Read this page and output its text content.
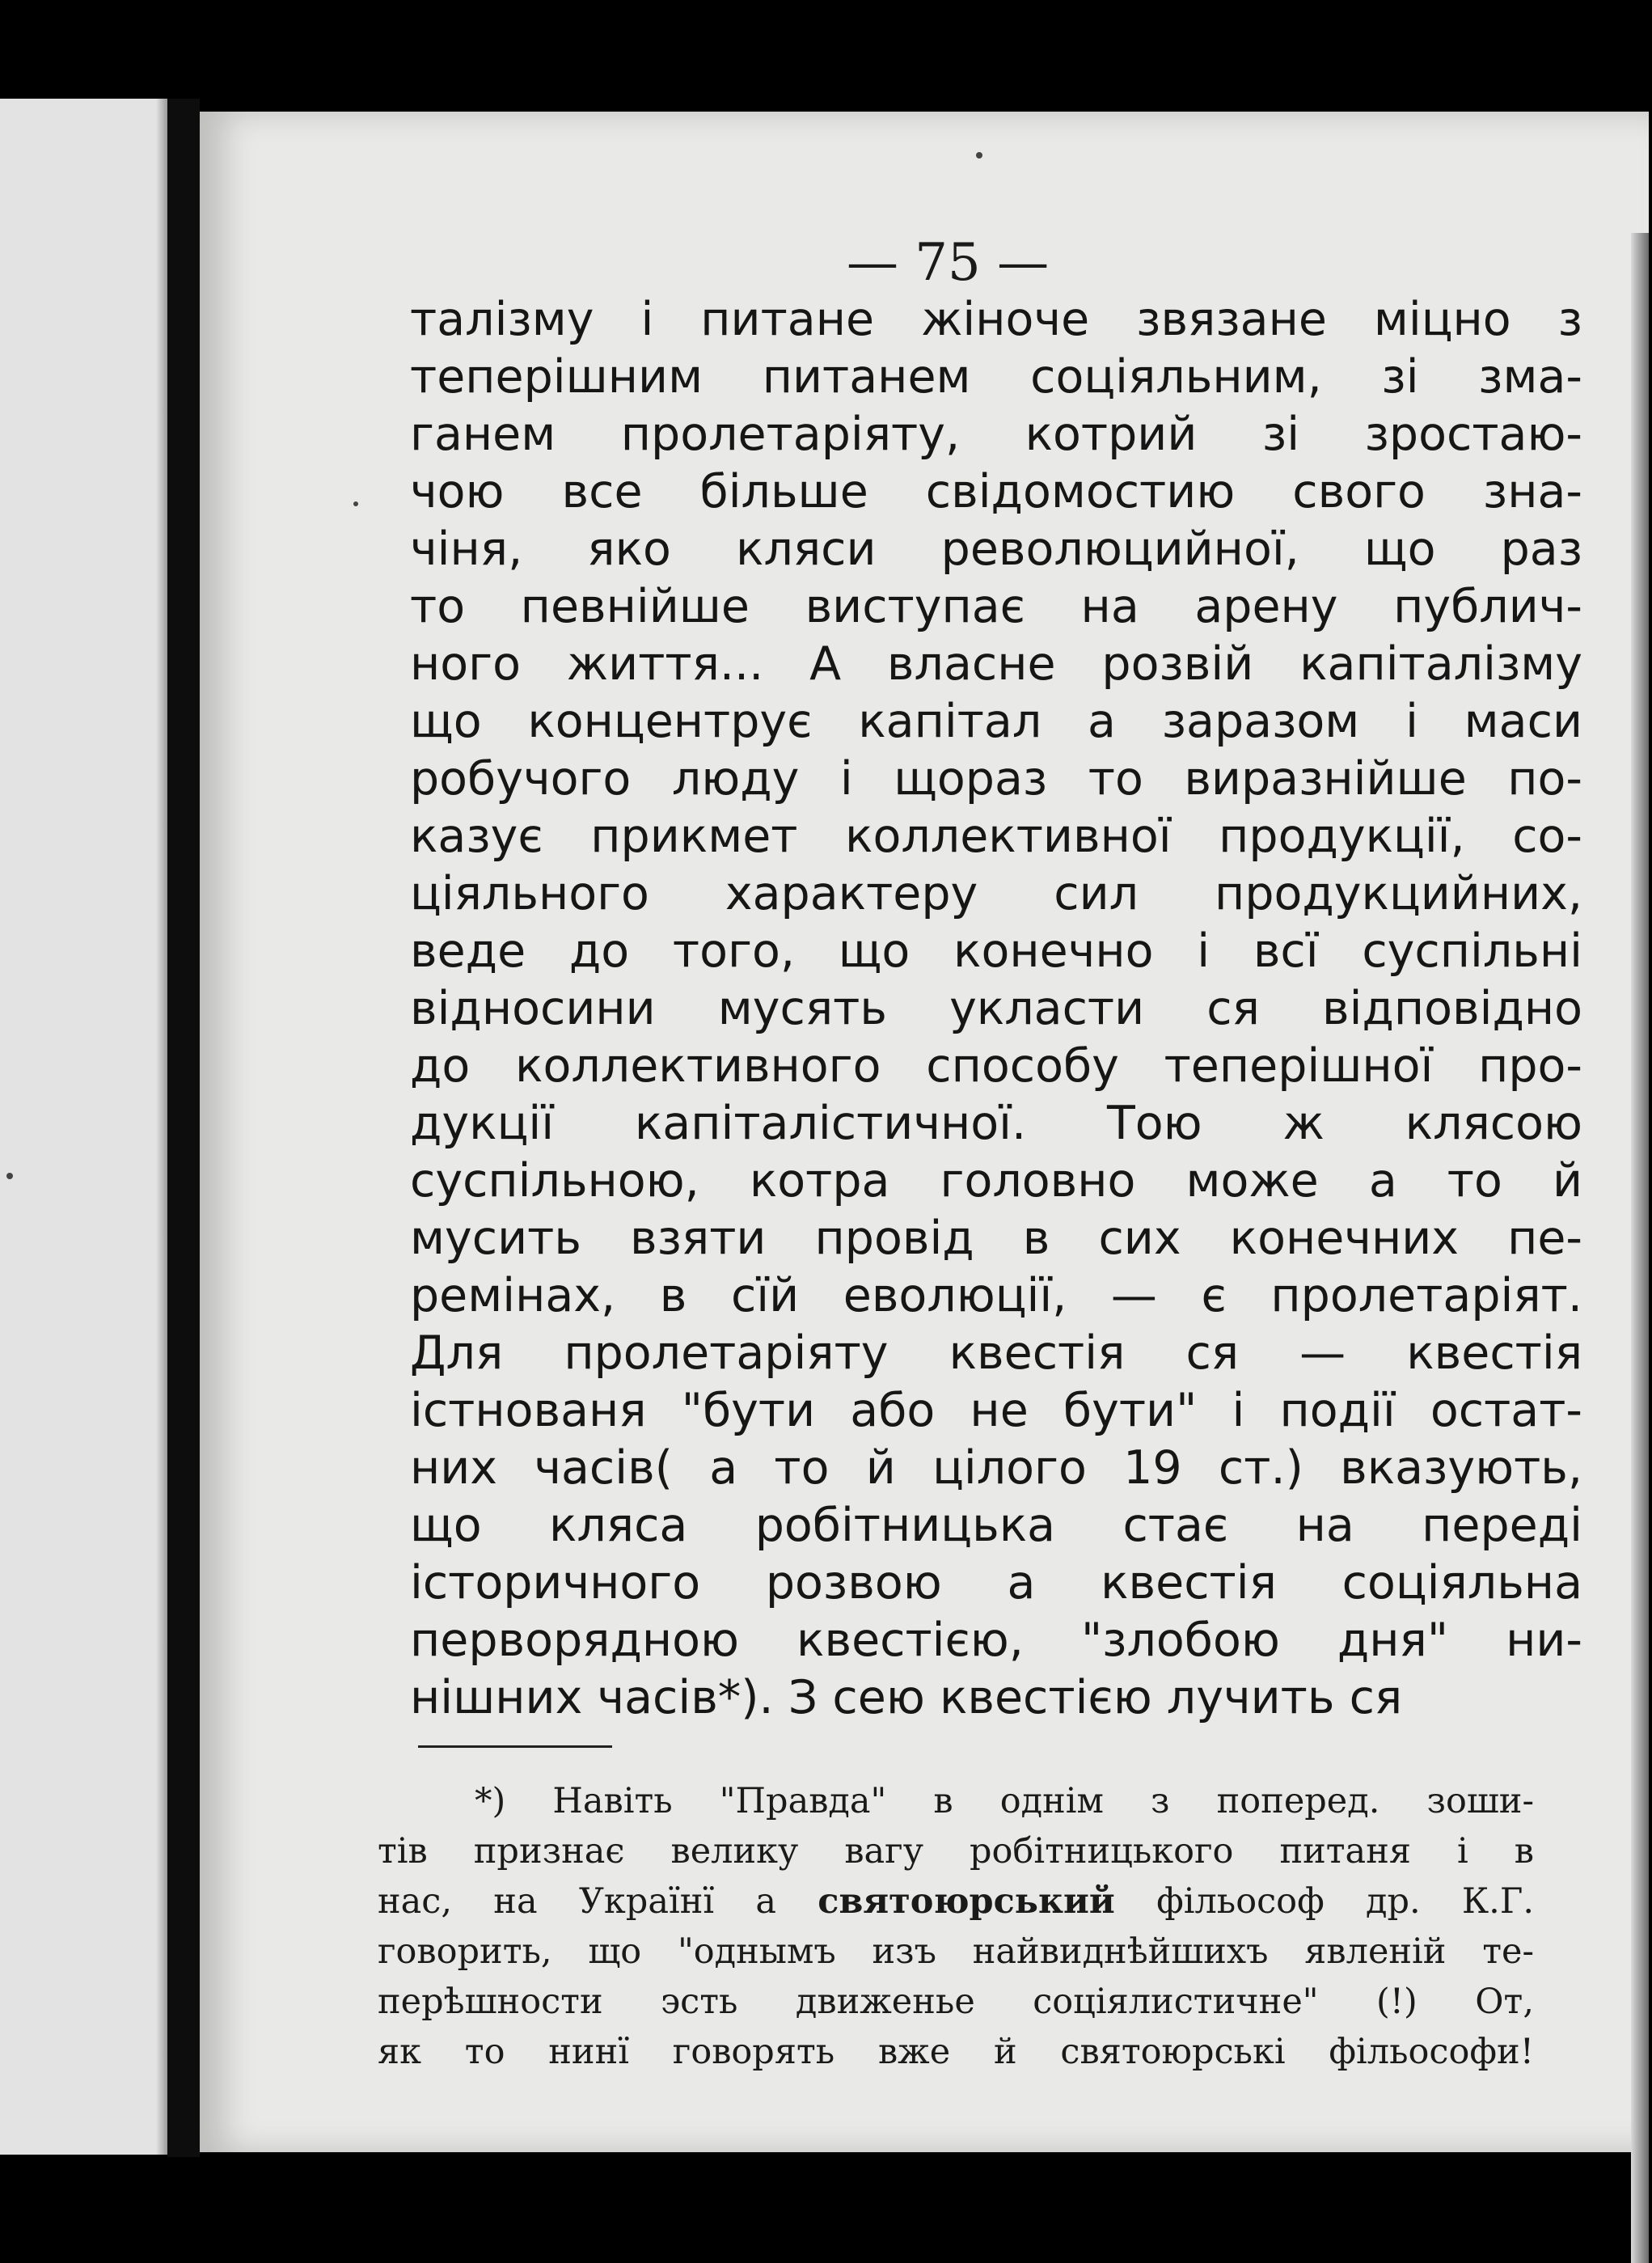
— 75 —
талізму і питане жіноче звязане міцно з
теперішним питанем соціяльним, зі зма-
ганем пролетаріяту, котрий зі зростаю-
чою все більше свідомостию свого зна-
чіня, яко кляси революцийної, що раз
то певнійше виступає на арену публич-
ного життя... А власне розвій капіталізму
що концентрує капітал а заразом і маси
робучого люду і щораз то виразнійше по-
казує прикмет коллективної продукції, со-
ціяльного характеру сил продукцийних,
веде до того, що конечно і всї суспільні
відносини мусять укласти ся відповідно
до коллективного способу теперішної про-
дукції капіталістичної. Тою ж клясою
суспільною, котра головно може а то й
мусить взяти провід в сих конечних пе-
ремінах, в сїй еволюції, — є пролетаріят.
Для пролетаріяту квестія ся — квестія
істнованя "бути або не бути" і події остат-
них часів( а то й цілого 19 ст.) вказують,
що кляса робітницька стає на переді
історичного розвою а квестія соціяльна
перворядною квестією, "злобою дня" ни-
нішних часів*). З сею квестією лучить ся
*) Навіть "Правда" в однім з поперед. зоши-
тів признає велику вагу робітницького питаня і в
нас, на Українї а святоюрський фільософ др. К.Г.
говорить, що "однымъ изъ найвиднѣйшихъ явленій те-
перѣшности эсть движенье соціялистичне" (!) От,
як то нинї говорять вже й святоюрські фільософи!
